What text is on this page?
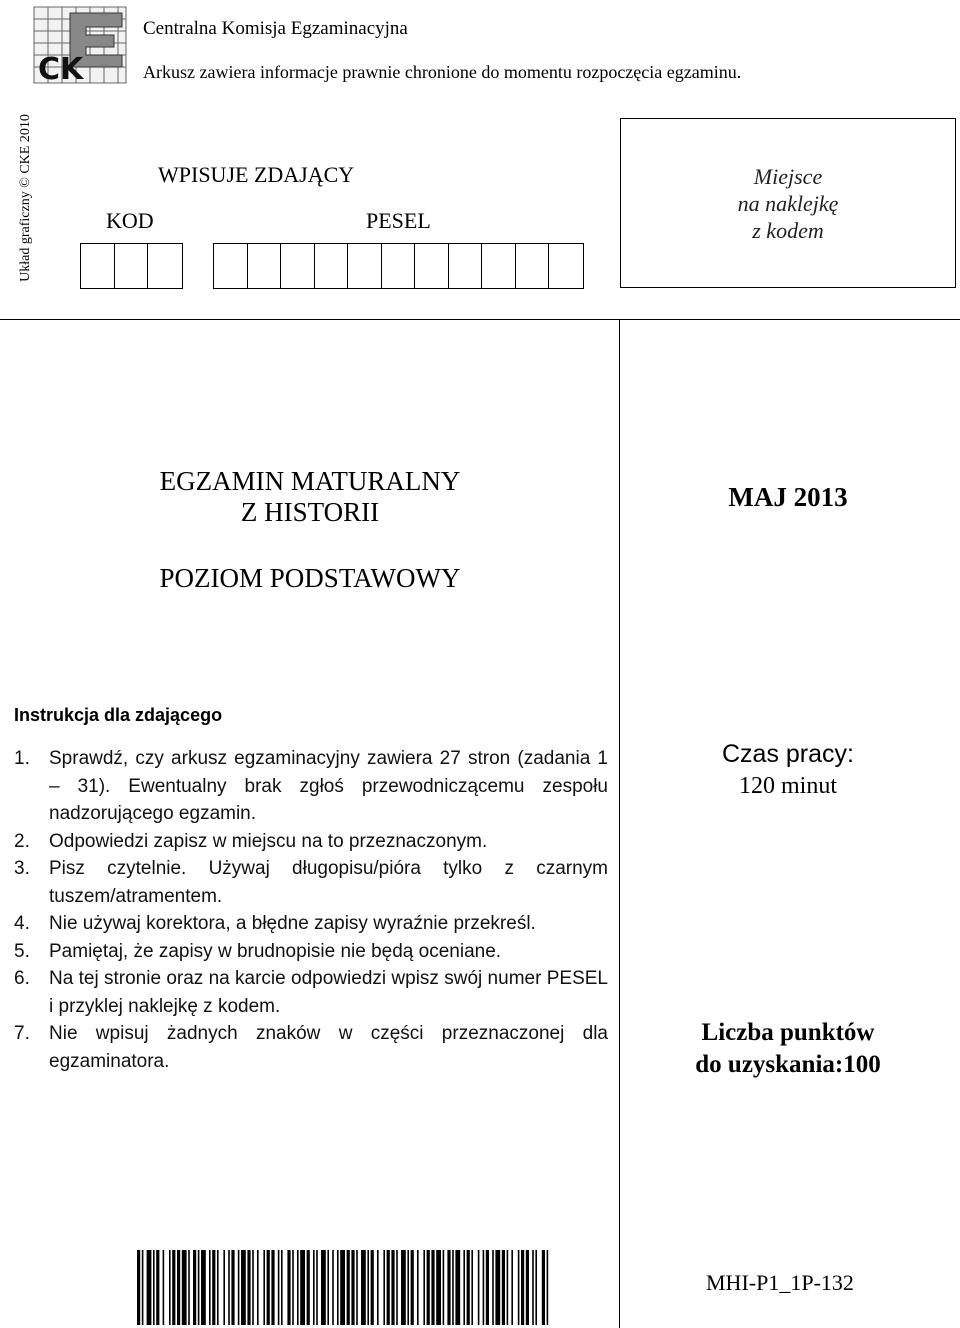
CK
Centralna Komisja Egzaminacyjna
Arkusz zawiera informacje prawnie chronione do momentu rozpoczęcia egzaminu.
Układ graficzny © CKE 2010	WPISUJE ZDAJĄCY
KOD	PESEL
Miejsce
na naklejkę
z kodem
EGZAMIN MATURALNY
Z HISTORII
POZIOM PODSTAWOWY
MAJ 2013
Instrukcja dla zdającego
1.	Sprawdź, czy arkusz egzaminacyjny zawiera 27 stron (zadania 1 – 31). Ewentualny brak zgłoś przewodniczącemu zespołu nadzorującego egzamin.
2.	Odpowiedzi zapisz w miejscu na to przeznaczonym.
3.	Pisz czytelnie. Używaj długopisu/pióra tylko z czarnym tuszem/atramentem.
4.	Nie używaj korektora, a błędne zapisy wyraźnie przekreśl.
5.	Pamiętaj, że zapisy w brudnopisie nie będą oceniane.
6.	Na tej stronie oraz na karcie odpowiedzi wpisz swój numer PESEL i przyklej naklejkę z kodem.
7.	Nie wpisuj żadnych znaków w części przeznaczonej dla egzaminatora.
Czas pracy:
120 minut
Liczba punktów
do uzyskania:100
MHI-P1_1P-132
